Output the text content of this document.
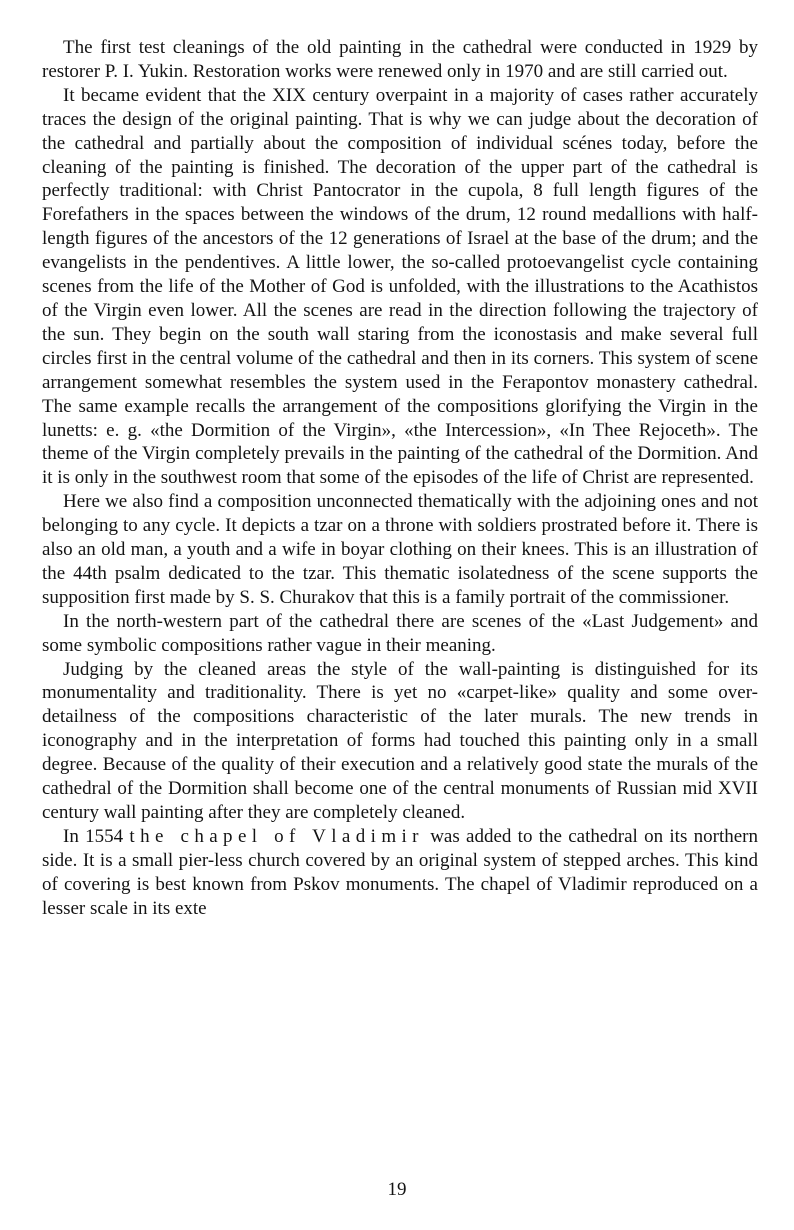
The first test cleanings of the old painting in the cathedral were conducted in 1929 by restorer P. I. Yukin. Restoration works were renewed only in 1970 and are still carried out.

It became evident that the XIX century overpaint in a majority of cases rather accurately traces the design of the original painting. That is why we can judge about the decoration of the cathedral and partially about the composition of individual scénes today, before the cleaning of the painting is finished. The decoration of the upper part of the cathedral is perfectly traditional: with Christ Pantocrator in the cupola, 8 full length figures of the Forefathers in the spaces between the windows of the drum, 12 round medallions with half-length figures of the ancestors of the 12 generations of Israel at the base of the drum; and the evangelists in the pendentives. A little lower, the so-called protoevangelist cycle containing scenes from the life of the Mother of God is unfolded, with the illustrations to the Acathistos of the Virgin even lower. All the scenes are read in the direction following the trajectory of the sun. They begin on the south wall staring from the iconostasis and make several full circles first in the central volume of the cathedral and then in its corners. This system of scene arrangement somewhat resembles the system used in the Ferapontov monastery cathedral. The same example recalls the arrangement of the compositions glorifying the Virgin in the lunetts: e. g. «the Dormition of the Virgin», «the Intercession», «In Thee Rejoceth». The theme of the Virgin completely prevails in the painting of the cathedral of the Dormition. And it is only in the southwest room that some of the episodes of the life of Christ are represented.

Here we also find a composition unconnected thematically with the adjoining ones and not belonging to any cycle. It depicts a tzar on a throne with soldiers prostrated before it. There is also an old man, a youth and a wife in boyar clothing on their knees. This is an illustration of the 44th psalm dedicated to the tzar. This thematic isolatedness of the scene supports the supposition first made by S. S. Churakov that this is a family portrait of the commissioner.

In the north-western part of the cathedral there are scenes of the «Last Judgement» and some symbolic compositions rather vague in their meaning.

Judging by the cleaned areas the style of the wall-painting is distinguished for its monumentality and traditionality. There is yet no «carpet-like» quality and some over-detailness of the compositions characteristic of the later murals. The new trends in iconography and in the interpretation of forms had touched this painting only in a small degree. Because of the quality of their execution and a relatively good state the murals of the cathedral of the Dormition shall become one of the central monuments of Russian mid XVII century wall painting after they are completely cleaned.

In 1554 the chapel of Vladimir was added to the cathedral on its northern side. It is a small pier-less church covered by an original system of stepped arches. This kind of covering is best known from Pskov monuments. The chapel of Vladimir reproduced on a lesser scale in its exte

19
